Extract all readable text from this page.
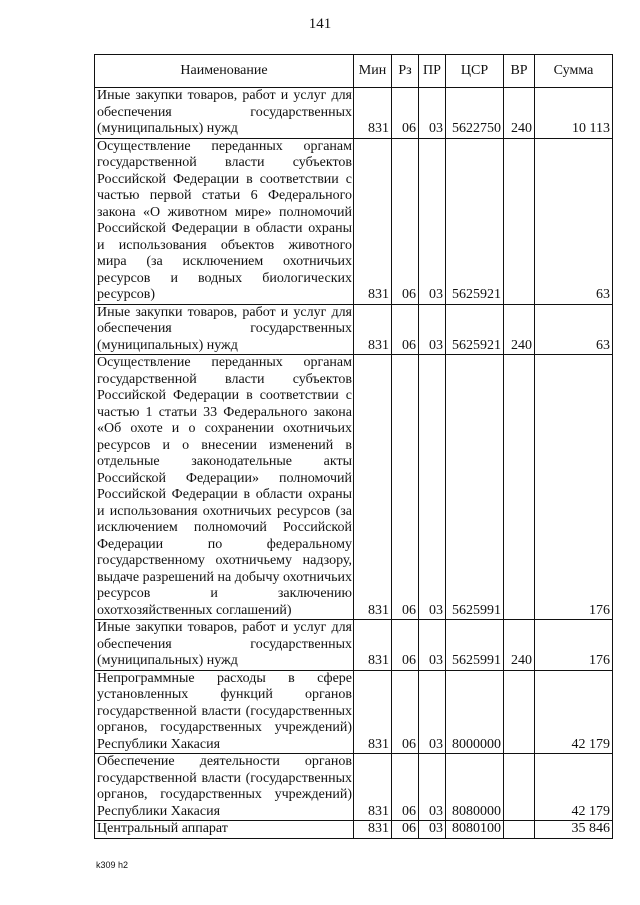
141
Наименование	Мин	Рз	ПР	ЦСР	ВР	Сумма
Иные закупки товаров, работ и услуг для обеспечения государственных (муниципальных) нужд	831	06	03	5622750	240	10 113
Осуществление переданных органам государственной власти субъектов Российской Федерации в соответствии с частью первой статьи 6 Федерального закона «О животном мире» полномочий Российской Федерации в области охраны и использования объектов животного мира (за исключением охотничьих ресурсов и водных биологических ресурсов)	831	06	03	5625921		63
Иные закупки товаров, работ и услуг для обеспечения государственных (муниципальных) нужд	831	06	03	5625921	240	63
Осуществление переданных органам государственной власти субъектов Российской Федерации в соответствии с частью 1 статьи 33 Федерального закона «Об охоте и о сохранении охотничьих ресурсов и о внесении изменений в отдельные законодательные акты Российской Федерации» полномочий Российской Федерации в области охраны и использования охотничьих ресурсов (за исключением полномочий Российской Федерации по федеральному государственному охотничьему надзору, выдаче разрешений на добычу охотничьих ресурсов и заключению охотхозяйственных соглашений)	831	06	03	5625991		176
Иные закупки товаров, работ и услуг для обеспечения государственных (муниципальных) нужд	831	06	03	5625991	240	176
Непрограммные расходы в сфере установленных функций органов государственной власти (государственных органов, государственных учреждений) Республики Хакасия	831	06	03	8000000		42 179
Обеспечение деятельности органов государственной власти (государственных органов, государственных учреждений) Республики Хакасия	831	06	03	8080000		42 179
Центральный аппарат	831	06	03	8080100		35 846
k309 h2
